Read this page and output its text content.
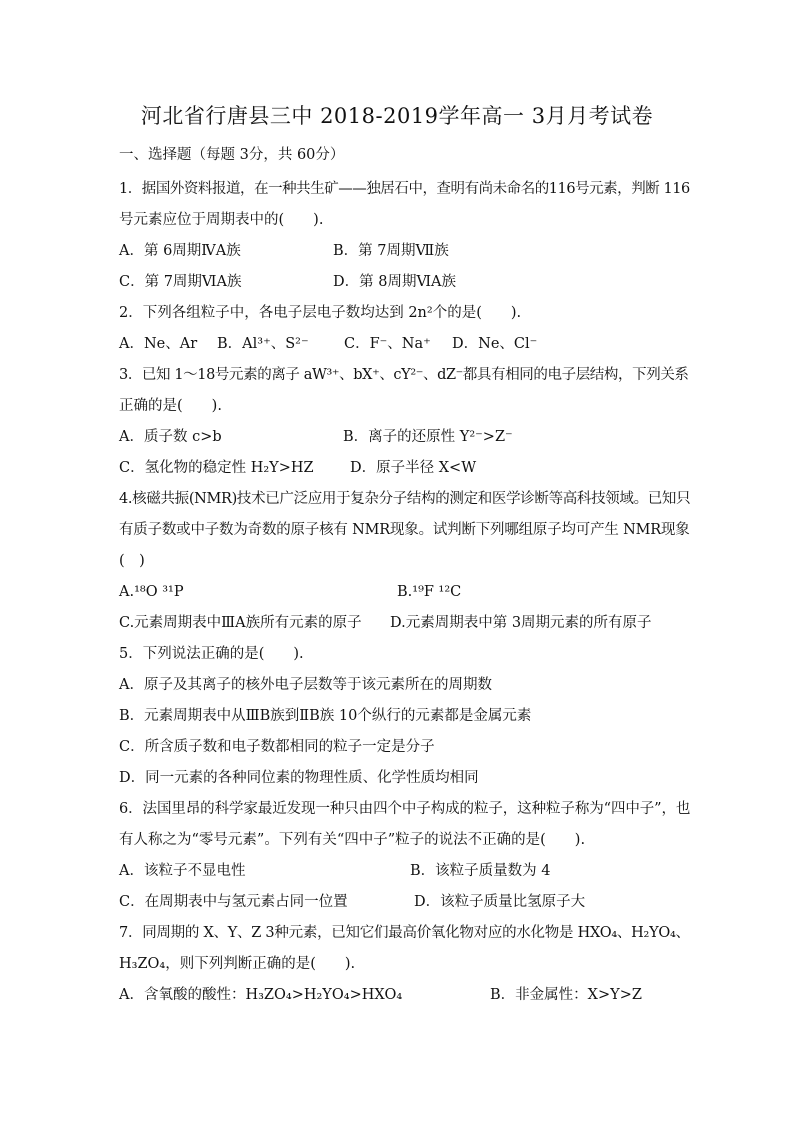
河北省行唐县三中 2018-2019学年高一 3月月考试卷
一、选择题（每题 3分，共 60分）
1．据国外资料报道，在一种共生矿——独居石中，查明有尚未命名的116号元素，判断 116
号元素应位于周期表中的(　　).
A．第 6周期ⅣA族	B．第 7周期Ⅶ族
C．第 7周期ⅥA族	D．第 8周期ⅥA族
2．下列各组粒子中，各电子层电子数均达到 2n²个的是(　　).
A．Ne、Ar B．Al³⁺、S²⁻ C．F⁻、Na⁺ D．Ne、Cl⁻
3．已知 1～18号元素的离子 aW³⁺、bX⁺、cY²⁻、dZ⁻都具有相同的电子层结构，下列关系
正确的是(　　).
A．质子数 c>b	B．离子的还原性 Y²⁻>Z⁻
C．氢化物的稳定性 H₂Y>HZ	D．原子半径 X<W
4.核磁共振(NMR)技术已广泛应用于复杂分子结构的测定和医学诊断等高科技领域。已知只
有质子数或中子数为奇数的原子核有 NMR现象。试判断下列哪组原子均可产生 NMR现象
(　)
A.¹⁸O ³¹P	B.¹⁹F ¹²C
C.元素周期表中ⅢA族所有元素的原子 D.元素周期表中第 3周期元素的所有原子
5．下列说法正确的是(　　).
A．原子及其离子的核外电子层数等于该元素所在的周期数
B．元素周期表中从ⅢB族到ⅡB族 10个纵行的元素都是金属元素
C．所含质子数和电子数都相同的粒子一定是分子
D．同一元素的各种同位素的物理性质、化学性质均相同
6．法国里昂的科学家最近发现一种只由四个中子构成的粒子，这种粒子称为“四中子”，也
有人称之为“零号元素”。下列有关“四中子”粒子的说法不正确的是(　　).
A．该粒子不显电性	B．该粒子质量数为 4
C．在周期表中与氢元素占同一位置	D．该粒子质量比氢原子大
7．同周期的 X、Y、Z 3种元素，已知它们最高价氧化物对应的水化物是 HXO₄、H₂YO₄、
H₃ZO₄，则下列判断正确的是(　　).
A．含氧酸的酸性：H₃ZO₄>H₂YO₄>HXO₄	B．非金属性：X>Y>Z
